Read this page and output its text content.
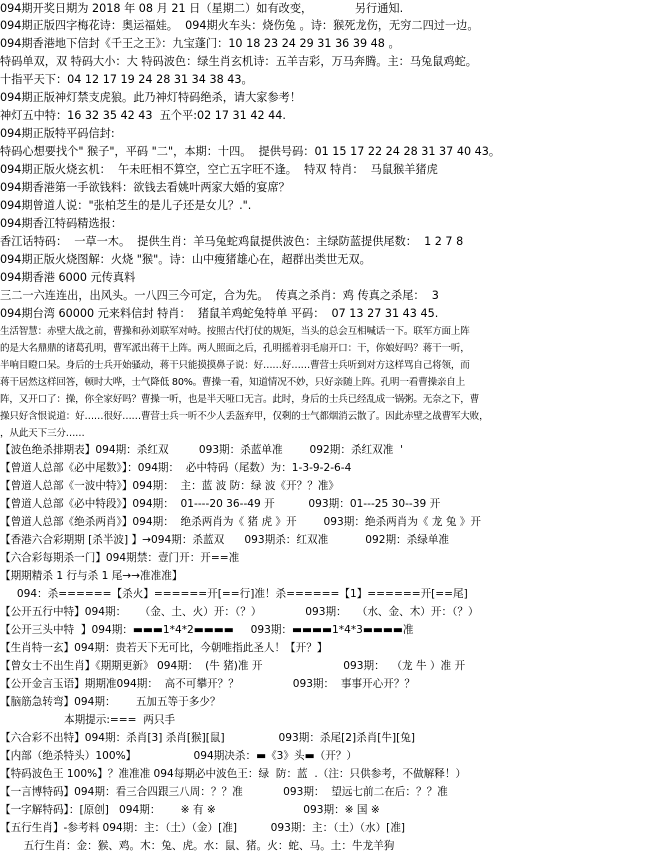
094期开奖日期为 2018 年 08 月 21 日（星期二）如有改变，            另行通知.
094期正版四字梅花诗：奥运福娃。  094期火车头：烧伤兔 。诗：猴死龙伤，无穷二四过一边。
094期香港地下信封《千王之王》：九宝蓬门：10 18 23 24 29 31 36 39 48 。
特码单双，双 特码大小：大 特码波色：绿生肖玄机诗：五羊吉彩，万马奔腾。主：马兔鼠鸡蛇。
十指平天下：04 12 17 19 24 28 31 34 38 43。
094期正版神灯禁支虎狼。此乃神灯特码绝杀，请大家参考！
神灯五中特：16 32 35 42 43  五个平:02 17 31 42 44.
094期正版特平码信封:
特码心想要找个" 猴子"，平码 "二"，本期：十四。  提供号码：01 15 17 22 24 28 31 37 40 43。
094期正版火烧玄机：  午未旺相不算空，空亡五字旺不逢。  特双 特肖：  马鼠猴羊猪虎
094期香港第一手欲钱料：欲钱去看姚叶两家大婚的宴席？
094期曾道人说："张柏芝生的是儿子还是女儿？.".
094期香江特码精选报：
香江话特码：  一草一木。  提供生肖：羊马兔蛇鸡鼠提供波色：主绿防蓝提供尾数：  1 2 7 8
094期正版火烧图解：火烧 "猴"。诗：山中瘦猪雄心在，超群出类世无双。
094期香港 6000 元传真料
三二一六连连出，出风头。一八四三今可定，合为先。  传真之杀肖：鸡 传真之杀尾：  3
094期台湾 60000 元来料信封 特肖：  猪鼠羊鸡蛇兔特单 平码：  07 13 27 31 43 45.
生活智慧：赤壁大战之前，曹操和孙刘联军对峙。按照古代打仗的规矩，当头的总会互相喊话一下。联军方面上阵
的是大名鼎鼎的诸葛孔明，曹军派出蒋干上阵。两人照面之后，孔明摇着羽毛扇开口：干，你娘好吗？蒋干一听，
半响目瞪口呆。身后的士兵开始骚动，蒋干只能摸摸鼻子说：好……好……曹营士兵听到对方这样骂自己将领，而
蒋干居然这样回答，顿时大哗，士气降低 80%。曹操一看，知道情况不妙，只好亲随上阵。孔明一看曹操亲自上
阵，又开口了：操，你全家好吗？曹操一听，也是半天哑口无言。此时，身后的士兵已经乱成一锅粥。无奈之下，曹
操只好含恨说道：好……很好……曹营士兵一听不少人丢盔弃甲，仅剩的士气都烟消云散了。因此赤壁之战曹军大败，
，从此天下三分……
【波色绝杀排期表】094期：杀红双         093期：杀蓝单准        092期：杀红双准  '
【曾道人总部《必中尾数》】：094期：  必中特码（尾数）为：1-3-9-2-6-4
【曾道人总部《一波中特》】094期：  主：蓝 波 防：绿 波《开？？准》
【曾道人总部《必中特段》】094期：  01----20 36--49 开          093期：01---25 30--39 开
【曾道人总部《绝杀两肖》】094期：  绝杀两肖为《 猪 虎 》开        093期：绝杀两肖为《 龙 兔 》开
【香港六合彩期期 [杀半波] 】→094期：杀蓝双      093期杀：红双准           092期：杀绿单准
【六合彩每期杀一门】094期禁：壹门开：开==准
【期期精杀 1 行与杀 1 尾→→准准准】
094：杀======【杀火】======开[==行]准！杀======【1】======开[==尾]
【公开五行中特】094期：    （金、土、火）开：（？）             093期：   （水、金、木）开：（？）
【公开三头中特  】094期：▬▬▬1*4*2▬▬▬▬     093期：▬▬▬▬1*4*3▬▬▬▬准
【生肖特一玄】094期：贵若天下无可比，今朝唯指此圣人！【开？】
【曾女士不出生肖】《期期更新》 094期：  (牛 猪)准 开                        093期：  （龙 牛 ）准 开
【公开金言玉语】期期准094期：  高不可攀开？？                093期：  事事开心开？？
【脑筋急转弯】094期：      五加五等于多少？
本期提示:===  两只手
【六合彩不出特】094期：杀肖[3] 杀肖[猴][鼠]                093期：杀尾[2]杀肖[牛][兔]
【内部（绝杀特头）100%】                 094期决杀：▬《3》头▬（开？）
【特码波色王 100%】？准准准 094每期必中波色王：绿  防：蓝  .（注：只供参考，不做解释！）
【一言博特码】094期：看三合四跟三八周：？？准            093期：  望远七前二在后：？？准
【一字解特码】：[原创]   094期：      ※ 有 ※                          093期：※ 国 ※
【五行生肖】-参考料 094期：主：（土）（金）[准]          093期：主：（土）（水）[准]
五行生肖：金：猴、鸡。木：兔、虎。水：鼠、猪。火：蛇、马。土：牛龙羊狗
